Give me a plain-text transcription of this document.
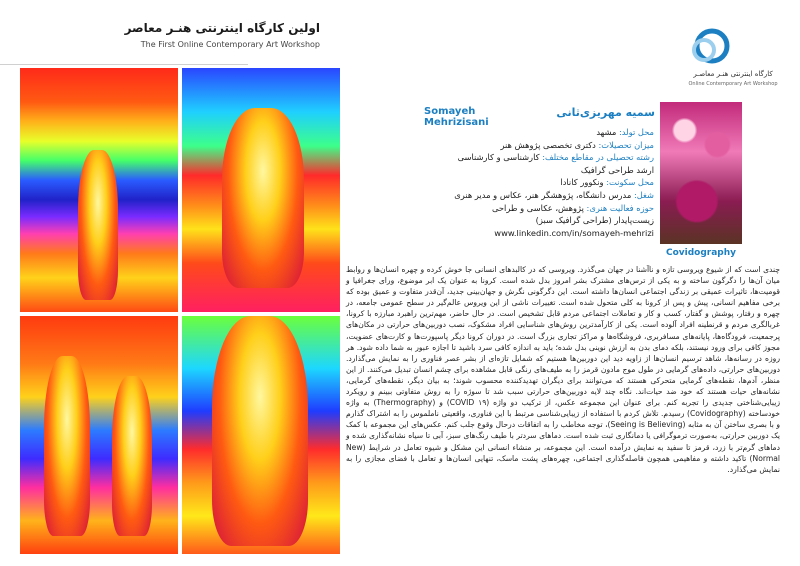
اولین کارگاه اینترنتی هنـر معاصر
The First Online Contemporary Art Workshop
کارگاه اینترنتی هنـر معاصـر
Online Contemporary Art Workshop
Covidography
سمیه مهریزی‌ثانی
Somayeh Mehrizisani
محل تولد: مشهد
میزان تحصیلات: دکتری تخصصی پژوهش هنر
رشته تحصیلی در مقاطع مختلف: کارشناسی و کارشناسی
ارشد طراحی گرافیک
محل سکونت: ونکوور کانادا
شغل: مدرس دانشگاه، پژوهشگر هنر، عکاس و مدیر هنری
حوزه فعالیت هنری: پژوهش، عکاسی و طراحی
زیست‌پایدار (طراحی گرافیک سبز)
www.linkedin.com/in/somayeh-mehrizi
چندی است که از شیوع ویروسی تازه و ناآشنا در جهان می‌گذرد. ویروسی که در کالبدهای انسانی جا خوش کرده و چهره انسان‌ها و روابط میان آن‌ها را دگرگون ساخته و به یکی از ترس‌های مشترک بشر امروز بدل شده است. کرونا به عنوان یک ابر موضوع، ورای جغرافیا و قومیت‌ها، تاثیرات عمیقی بر زندگی اجتماعی انسان‌ها داشته است. این دگرگونی نگرش و جهان‌بینی جدید، آن‌قدر متفاوت و عمیق بوده که برخی مفاهیم انسانی، پیش و پس از کرونا به کلی متحول شده است. تغییرات ناشی از این ویروس عالم‌گیر در سطح عمومی جامعه، در چهره و رفتار، پوشش و گفتار، کسب و کار و تعاملات اجتماعی مردم قابل تشخیص است. در حال حاضر، مهم‌ترین راهبرد مبارزه با کرونا، غربالگری مردم و قرنطینه افراد آلوده است. یکی از کارآمدترین روش‌های شناسایی افراد مشکوک، نصب دوربین‌های حرارتی در مکان‌های پرجمعیت، فرودگاه‌ها، پایانه‌های مسافربری، فروشگاه‌ها و مراکز تجاری بزرگ است. در دوران کرونا دیگر پاسپورت‌ها و کارت‌های عضویت، مجوز کافی برای ورود نیستند، بلکه دمای بدن به ارزش نوینی بدل شده؛ باید به اندازه کافی سرد باشید تا اجازه عبور به شما داده شود. هر روزه در رسانه‌ها، شاهد ترسیم انسان‌ها از زاویه دید این دوربین‌ها هستیم که شمایل تازه‌ای از بشر عصر فناوری را به نمایش می‌گذارد. دوربین‌های حرارتی، داده‌های گرمایی در طول موج مادون قرمز را به طیف‌های رنگی قابل مشاهده برای چشم انسان تبدیل می‌کنند. از این منظر، آدم‌ها، نقطه‌های گرمایی متحرکی هستند که می‌توانند برای دیگران تهدیدکننده محسوب شوند؛ به بیان دیگر، نقطه‌های گرمایی، نشانه‌های حیات هستند که خود ضد حیات‌اند. نگاه چند لایه دوربین‌های حرارتی سبب شد تا سوژه را به روش متفاوتی ببینم و رویکرد زیبایی‌شناختی جدیدی را تجربه کنم. برای عنوان این مجموعه عکس، از ترکیب دو واژه (COVID ۱۹) و (Thermography) به واژه خودساخته (Covidography) رسیدم. تلاش کردم با استفاده از زیبایی‌شناسی مرتبط با این فناوری، واقعیتی ناملموس را به اشتراک گذارم و با بصری ساختن آن به مثابه (Seeing is Believing)، توجه مخاطب را به اتفاقات درحال وقوع جلب کنم. عکس‌های این مجموعه با کمک یک دوربین حرارتی، به‌صورت ترموگرافی یا دمانگاری ثبت شده است. دماهای سردتر با طیف رنگ‌های سبز، آبی تا سیاه نشانه‌گذاری شده و دماهای گرم‌تر با زرد، قرمز تا سفید به نمایش درآمده است. این مجموعه، بر منشاء انسانی این مشکل و شیوه تعامل در شرایط (New Normal) تاکید داشته و مفاهیمی همچون فاصله‌گذاری اجتماعی، چهره‌های پشت ماسک، تنهایی انسان‌ها و تعامل با فضای مجازی را به نمایش می‌گذارد.
